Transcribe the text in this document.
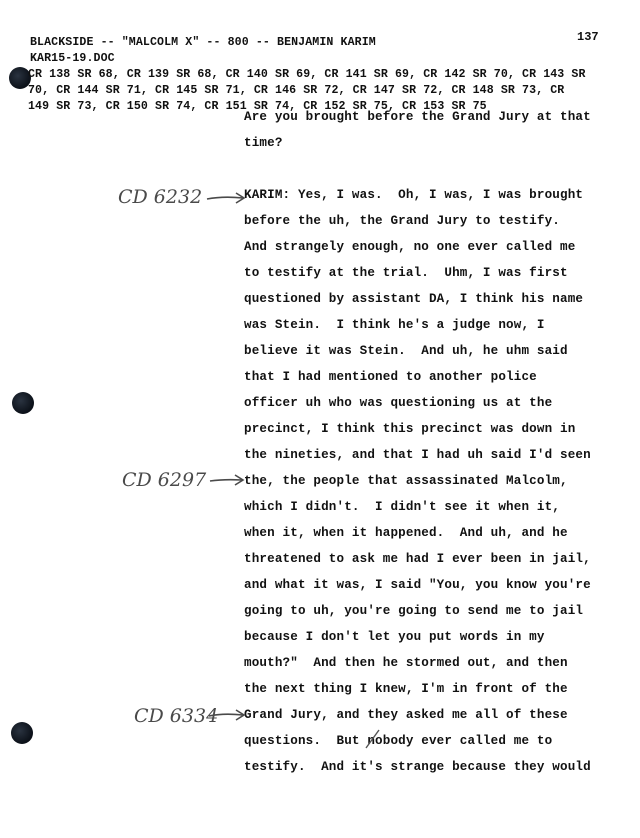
BLACKSIDE -- "MALCOLM X" -- 800 -- BENJAMIN KARIM	137
KAR15-19.DOC
CR 138 SR 68, CR 139 SR 68, CR 140 SR 69, CR 141 SR 69, CR 142 SR 70, CR 143 SR
70, CR 144 SR 71, CR 145 SR 71, CR 146 SR 72, CR 147 SR 72, CR 148 SR 73, CR
149 SR 73, CR 150 SR 74, CR 151 SR 74, CR 152 SR 75, CR 153 SR 75
Are you brought before the Grand Jury at that
time?
KARIM: Yes, I was.  Oh, I was, I was brought
before the uh, the Grand Jury to testify.
And strangely enough, no one ever called me
to testify at the trial.  Uhm, I was first
questioned by assistant DA, I think his name
was Stein.  I think he's a judge now, I
believe it was Stein.  And uh, he uhm said
that I had mentioned to another police
officer uh who was questioning us at the
precinct, I think this precinct was down in
the nineties, and that I had uh said I'd seen
the, the people that assassinated Malcolm,
which I didn't.  I didn't see it when it,
when it, when it happened.  And uh, and he
threatened to ask me had I ever been in jail,
and what it was, I said "You, you know you're
going to uh, you're going to send me to jail
because I don't let you put words in my
mouth?"  And then he stormed out, and then
the next thing I knew, I'm in front of the
Grand Jury, and they asked me all of these
questions.  But nobody ever called me to
testify.  And it's strange because they would
CD 6232
CD 6297
CD 6334
